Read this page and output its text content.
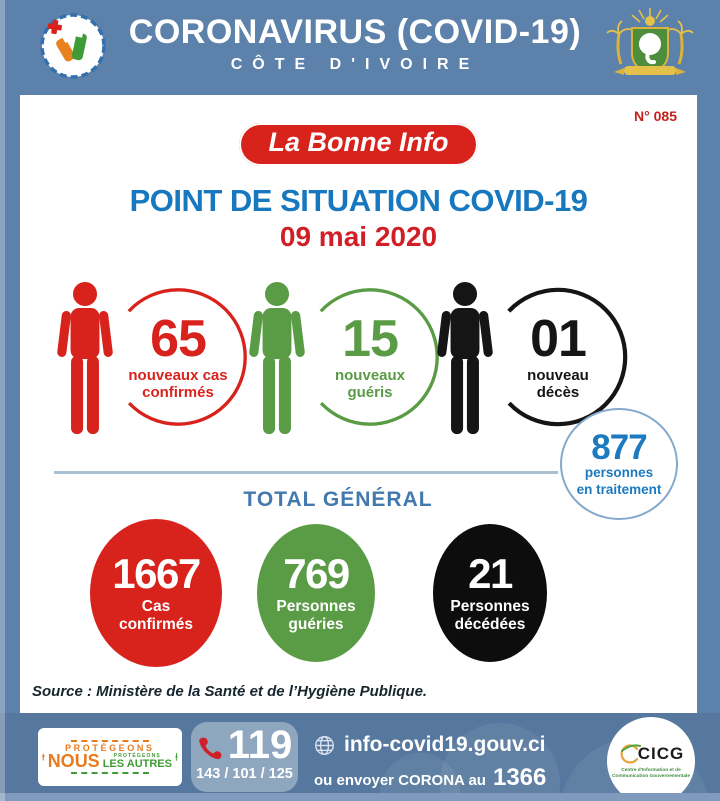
CORONAVIRUS (COVID-19)
CÔTE D'IVOIRE
N° 085
La Bonne Info
POINT DE SITUATION COVID-19
09 mai 2020
65
nouveaux cas
confirmés
15
nouveaux
guéris
01
nouveau
décès
877
personnes
en traitement
TOTAL GÉNÉRAL
1667
Cas
confirmés
769
Personnes
guéries
21
Personnes
décédées
Source : Ministère de la Santé et de l’Hygiène Publique.
PROTÉGEONS
NOUS	PROTÉGEONS
LES AUTRES 119
143 / 101 / 125
info-covid19.gouv.ci
ou envoyer CORONA au 1366
CICG
Centre d'Information et de
Communication Gouvernementale
